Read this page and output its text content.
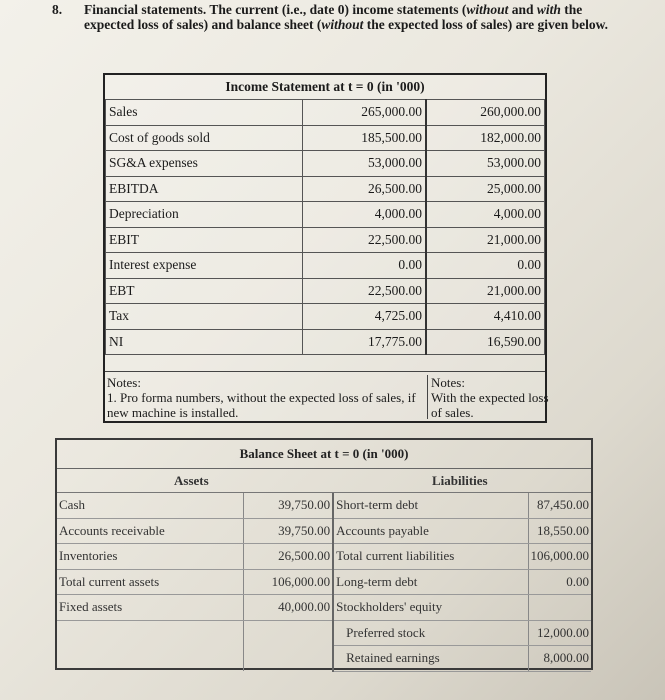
8. Financial statements. The current (i.e., date 0) income statements (without and with the expected loss of sales) and balance sheet (without the expected loss of sales) are given below.
Income Statement at t = 0 (in '000)
Sales	265,000.00	260,000.00
Cost of goods sold	185,500.00	182,000.00
SG&A expenses	53,000.00	53,000.00
EBITDA	26,500.00	25,000.00
Depreciation	4,000.00	4,000.00
EBIT	22,500.00	21,000.00
Interest expense	0.00	0.00
EBT	22,500.00	21,000.00
Tax	4,725.00	4,410.00
NI	17,775.00	16,590.00
Notes:
1. Pro forma numbers, without the expected loss of sales, if new machine is installed.
Notes:
With the expected loss of sales.
Balance Sheet at t = 0 (in '000)
Assets	Liabilities
Cash	39,750.00	Short-term debt	87,450.00
Accounts receivable	39,750.00	Accounts payable	18,550.00
Inventories	26,500.00	Total current liabilities	106,000.00
Total current assets	106,000.00	Long-term debt	0.00
Fixed assets	40,000.00	Stockholders' equity	
		Preferred stock	12,000.00
		Retained earnings	8,000.00
